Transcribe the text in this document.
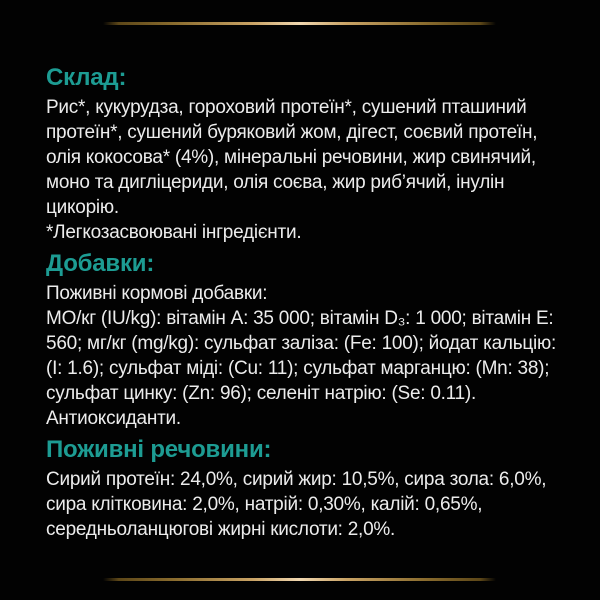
Склад:
Рис*, кукурудза, гороховий протеїн*, сушений пташиний
протеїн*, сушений буряковий жом, дігест, соєвий протеїн,
олія кокосова* (4%), мінеральні речовини, жир свинячий,
моно та дигліцериди, олія соєва, жир риб’ячий, інулін
цикорію.
*Легкозасвоювані інгредієнти.
Добавки:
Поживні кормові добавки:
МО/кг (IU/kg): вітамін A: 35 000; вітамін D₃: 1 000; вітамін E:
560; мг/кг (mg/kg): сульфат заліза: (Fe: 100); йодат кальцію:
(I: 1.6); сульфат міді: (Cu: 11); сульфат марганцю: (Mn: 38);
сульфат цинку: (Zn: 96); селеніт натрію: (Se: 0.11).
Антиоксиданти.
Поживні речовини:
Сирий протеїн: 24,0%, сирий жир: 10,5%, сира зола: 6,0%,
сира клітковина: 2,0%, натрій: 0,30%, калій: 0,65%,
середньоланцюгові жирні кислоти: 2,0%.
